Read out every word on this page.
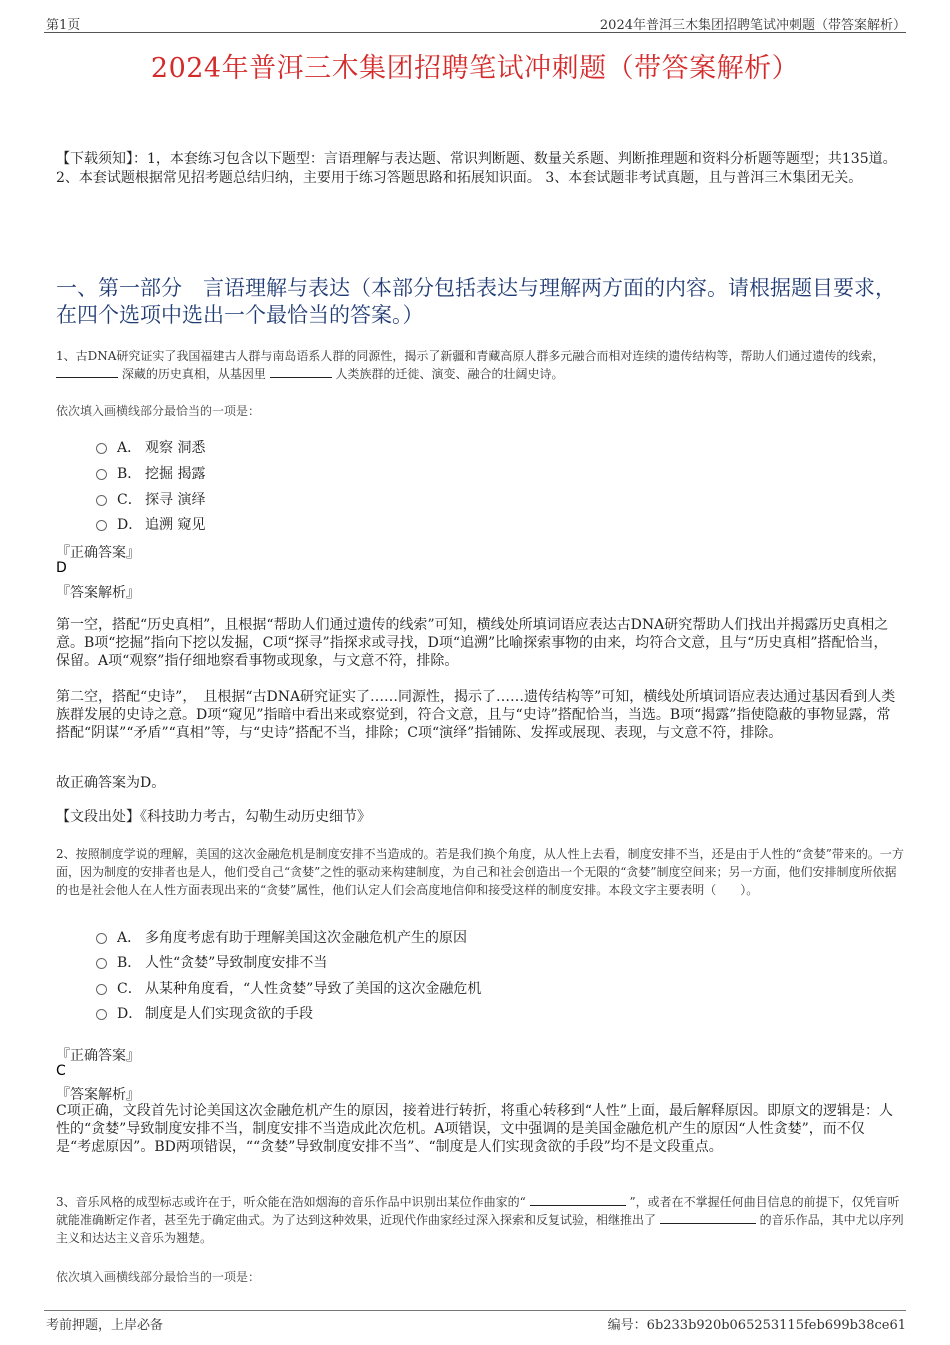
第1页	2024年普洱三木集团招聘笔试冲刺题（带答案解析）
2024年普洱三木集团招聘笔试冲刺题（带答案解析）
【下载须知】：1，本套练习包含以下题型：言语理解与表达题、常识判断题、数量关系题、判断推理题和资料分析题等题型；共135道。 2、本套试题根据常见招考题总结归纳，主要用于练习答题思路和拓展知识面。 3、本套试题非考试真题，且与普洱三木集团无关。
一、第一部分　言语理解与表达（本部分包括表达与理解两方面的内容。请根据题目要求，在四个选项中选出一个最恰当的答案。）
1、古DNA研究证实了我国福建古人群与南岛语系人群的同源性，揭示了新疆和青藏高原人群多元融合而相对连续的遗传结构等，帮助人们通过遗传的线索，  深藏的历史真相，从基因里	人类族群的迁徙、演变、融合的壮阔史诗。
依次填入画横线部分最恰当的一项是：
A． 观察 洞悉
B． 挖掘 揭露
C． 探寻 演绎
D． 追溯 窥见
『正确答案』
D
『答案解析』
第一空，搭配“历史真相”，且根据“帮助人们通过遗传的线索”可知，横线处所填词语应表达古DNA研究帮助人们找出并揭露历史真相之意。B项“挖掘”指向下挖以发掘，C项“探寻”指探求或寻找，D项“追溯”比喻探索事物的由来，均符合文意，且与“历史真相”搭配恰当，保留。A项“观察”指仔细地察看事物或现象，与文意不符，排除。
第二空，搭配“史诗”，　且根据“古DNA研究证实了……同源性，揭示了……遗传结构等”可知，横线处所填词语应表达通过基因看到人类族群发展的史诗之意。D项“窥见”指暗中看出来或察觉到，符合文意，且与“史诗”搭配恰当，当选。B项“揭露”指使隐蔽的事物显露，常搭配“阴谋”“矛盾”“真相”等，与“史诗”搭配不当，排除；C项“演绎”指铺陈、发挥或展现、表现，与文意不符，排除。
故正确答案为D。
【文段出处】《科技助力考古，勾勒生动历史细节》
2、按照制度学说的理解，美国的这次金融危机是制度安排不当造成的。若是我们换个角度，从人性上去看，制度安排不当，还是由于人性的“贪婪”带来的。一方面，因为制度的安排者也是人，他们受自己“贪婪”之性的驱动来构建制度，为自己和社会创造出一个无限的“贪婪”制度空间来；另一方面，他们安排制度所依据的也是社会他人在人性方面表现出来的“贪婪”属性，他们认定人们会高度地信仰和接受这样的制度安排。本段文字主要表明（　　）。
A． 多角度考虑有助于理解美国这次金融危机产生的原因
B． 人性“贪婪”导致制度安排不当
C． 从某种角度看，“人性贪婪”导致了美国的这次金融危机
D． 制度是人们实现贪欲的手段
『正确答案』
C
『答案解析』
C项正确，文段首先讨论美国这次金融危机产生的原因，接着进行转折，将重心转移到“人性”上面，最后解释原因。即原文的逻辑是：人性的“贪婪”导致制度安排不当，制度安排不当造成此次危机。A项错误，文中强调的是美国金融危机产生的原因“人性贪婪”，而不仅是“考虑原因”。BD两项错误，““贪婪”导致制度安排不当”、“制度是人们实现贪欲的手段”均不是文段重点。
3、音乐风格的成型标志或许在于，听众能在浩如烟海的音乐作品中识别出某位作曲家的“	”，或者在不掌握任何曲目信息的前提下，仅凭盲听就能准确断定作者，甚至先于确定曲式。为了达到这种效果，近现代作曲家经过深入探索和反复试验，相继推出了	的音乐作品，其中尤以序列主义和达达主义音乐为翘楚。
依次填入画横线部分最恰当的一项是：
考前押题，上岸必备	编号：6b233b920b065253115feb699b38ce61
